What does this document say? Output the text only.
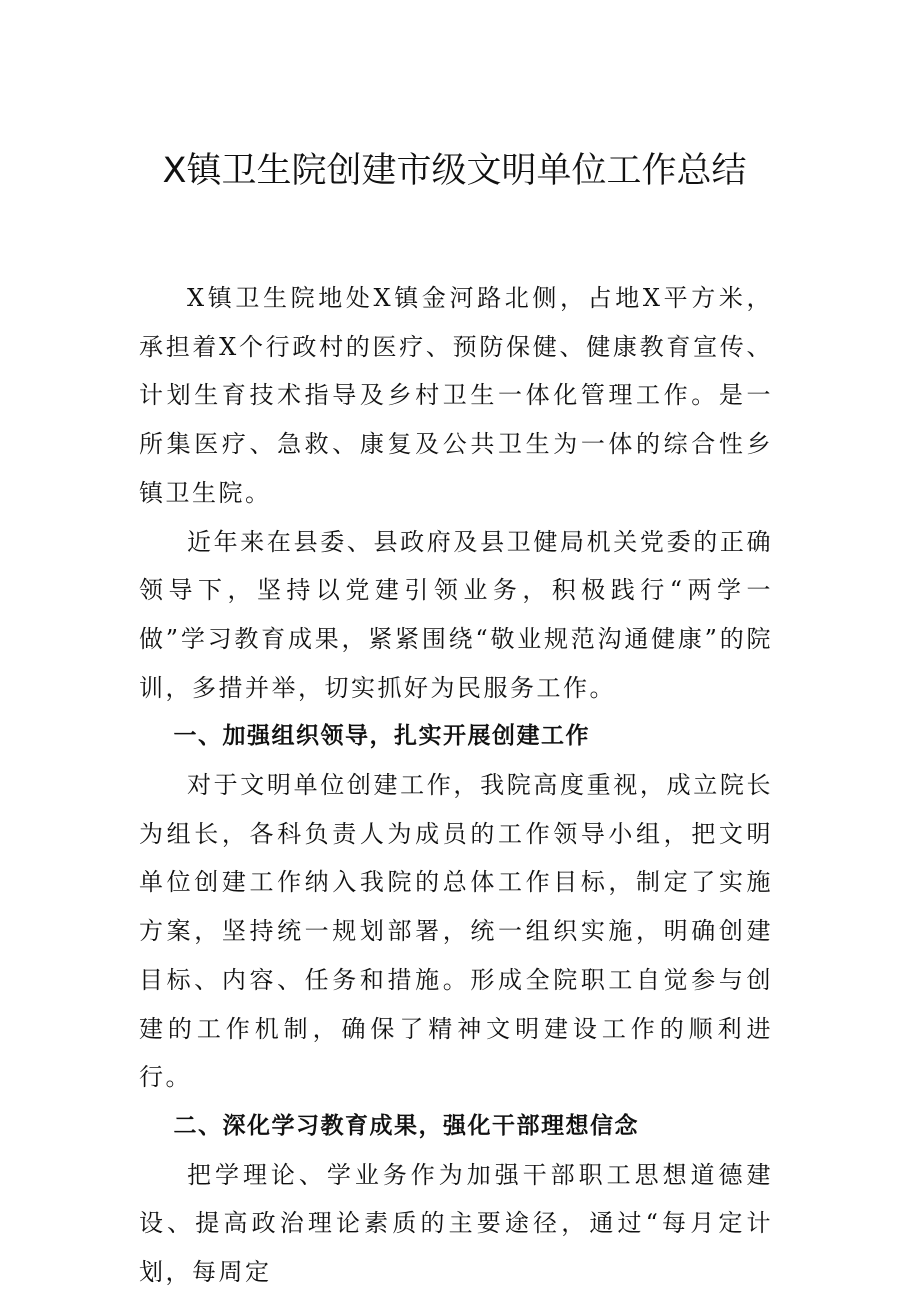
X镇卫生院创建市级文明单位工作总结

X镇卫生院地处X镇金河路北侧，占地X平方米，承担着X个行政村的医疗、预防保健、健康教育宣传、计划生育技术指导及乡村卫生一体化管理工作。是一所集医疗、急救、康复及公共卫生为一体的综合性乡镇卫生院。

近年来在县委、县政府及县卫健局机关党委的正确领导下，坚持以党建引领业务，积极践行“两学一做”学习教育成果，紧紧围绕“敬业规范沟通健康”的院训，多措并举，切实抓好为民服务工作。

一、加强组织领导，扎实开展创建工作

对于文明单位创建工作，我院高度重视，成立院长为组长，各科负责人为成员的工作领导小组，把文明单位创建工作纳入我院的总体工作目标，制定了实施方案，坚持统一规划部署，统一组织实施，明确创建目标、内容、任务和措施。形成全院职工自觉参与创建的工作机制，确保了精神文明建设工作的顺利进行。

二、深化学习教育成果，强化干部理想信念

把学理论、学业务作为加强干部职工思想道德建设、提高政治理论素质的主要途径，通过“每月定计划，每周定
